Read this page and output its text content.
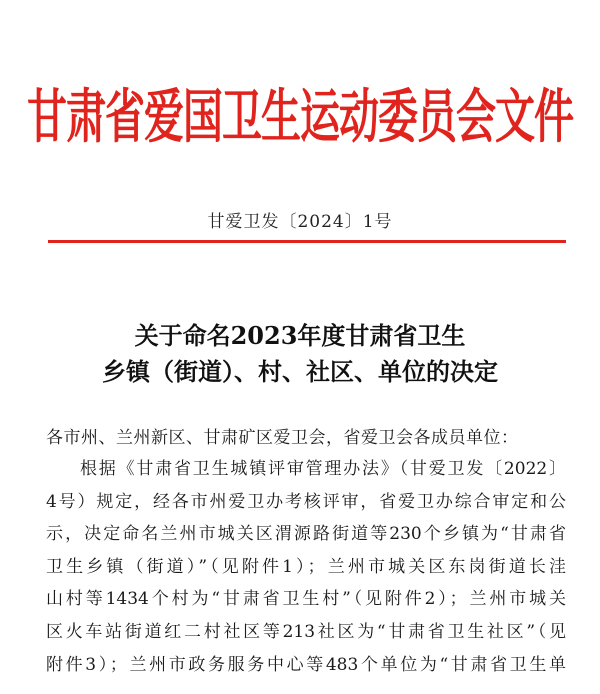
甘肃省爱国卫生运动委员会文件
甘爱卫发〔2024〕1号
关于命名2023年度甘肃省卫生
乡镇（街道）、村、社区、单位的决定
各市州、兰州新区、甘肃矿区爱卫会，省爱卫会各成员单位：
根据《甘肃省卫生城镇评审管理办法》（甘爱卫发〔2022〕
4号）规定，经各市州爱卫办考核评审，省爱卫办综合审定和公
示，决定命名兰州市城关区渭源路街道等230个乡镇为“甘肃省
卫生乡镇（街道）”（见附件1）；兰州市城关区东岗街道长洼
山村等1434个村为“甘肃省卫生村”（见附件2）；兰州市城关
区火车站街道红二村社区等213社区为“甘肃省卫生社区”（见
附件3）；兰州市政务服务中心等483个单位为“甘肃省卫生单
